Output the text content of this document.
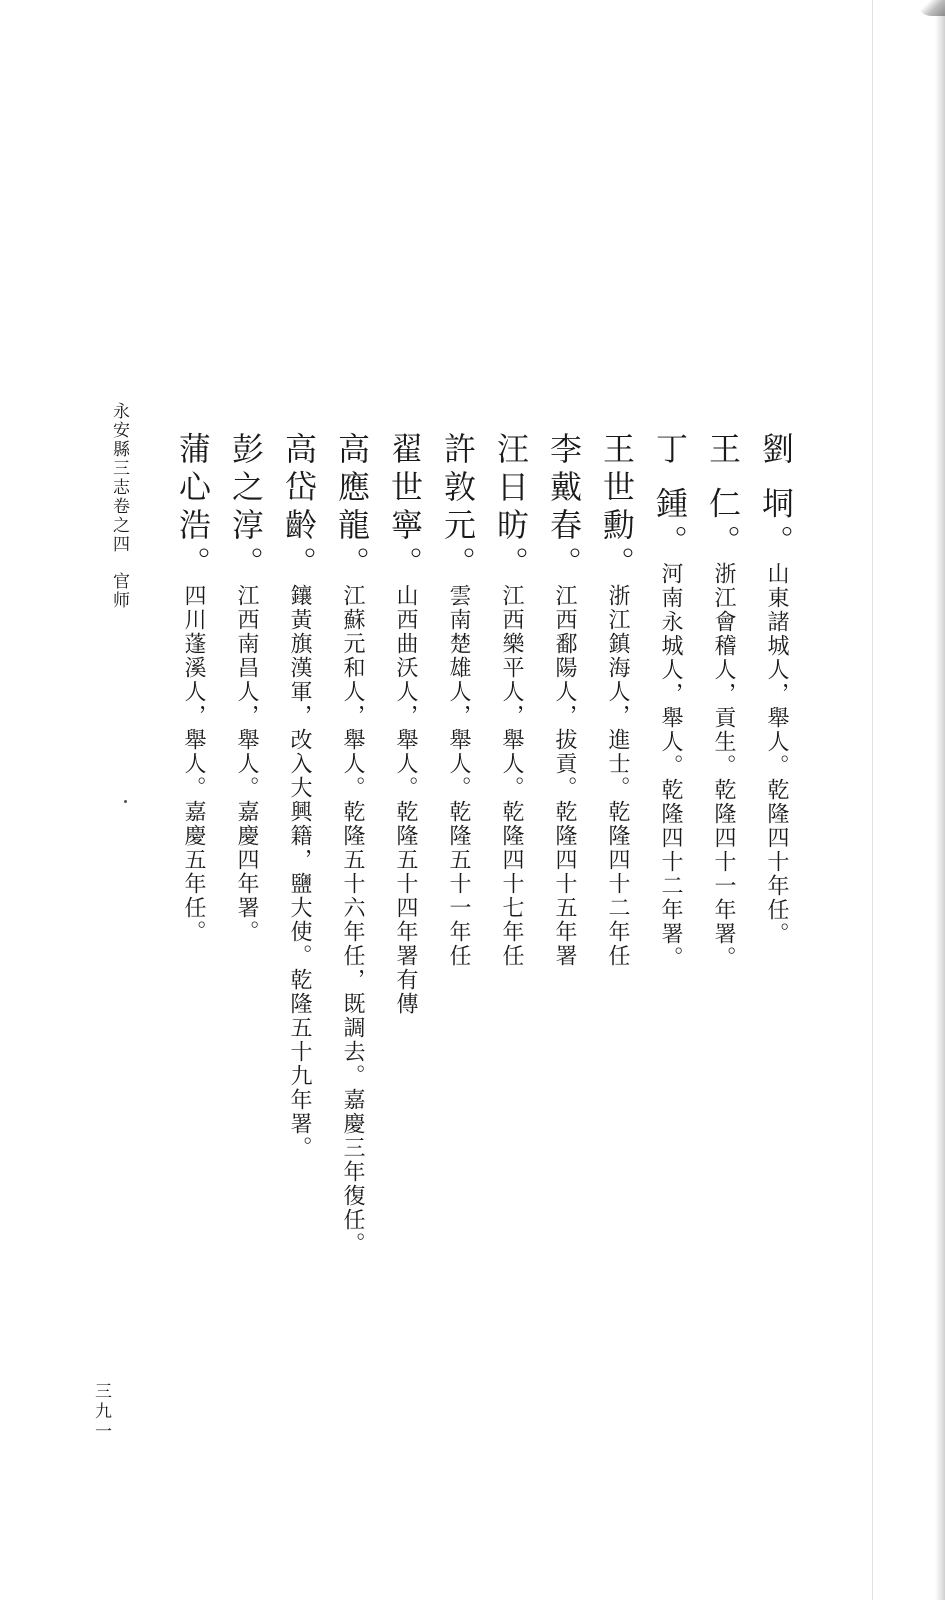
劉 垌。山東諸城人，舉人。乾隆四十年任。
王 仁。浙江會稽人，貢生。乾隆四十一年署。
丁 鍾。河南永城人，舉人。乾隆四十二年署。
王世勳。浙江鎮海人，進士。乾隆四十二年任
李戴春。江西鄱陽人，拔貢。乾隆四十五年署
汪日昉。江西樂平人，舉人。乾隆四十七年任
許敦元。雲南楚雄人，舉人。乾隆五十一年任
翟世寧。山西曲沃人，舉人。乾隆五十四年署有傳
高應龍。江蘇元和人，舉人。乾隆五十六年任，既調去。嘉慶三年復任。
高岱齡。鑲黃旗漢軍，改入大興籍，鹽大使。乾隆五十九年署。
彭之淳。江西南昌人，舉人。嘉慶四年署。
蒲心浩。四川蓬溪人，舉人。嘉慶五年任。
永安縣三志卷之四官师
三九一
